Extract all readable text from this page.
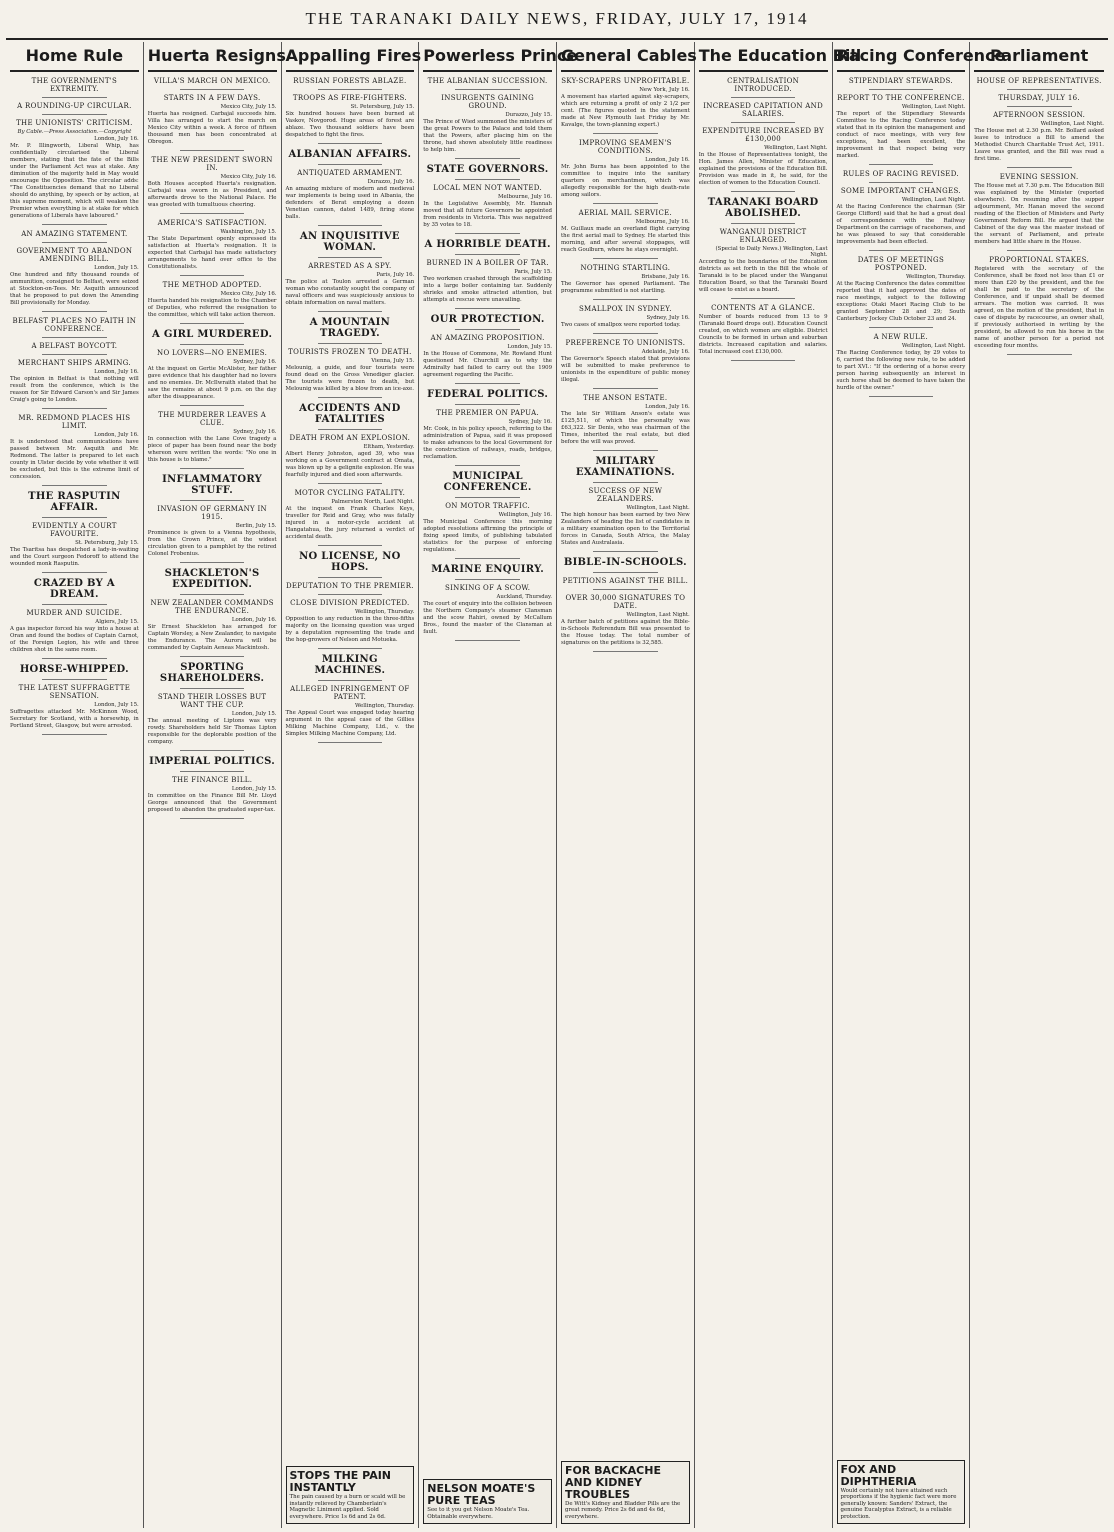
THE TARANAKI DAILY NEWS, FRIDAY, JULY 17, 1914
Home Rule
THE GOVERNMENT'S EXTREMITY.
A ROUNDING-UP CIRCULAR.
THE UNIONISTS' CRITICISM.
By Cable.—Press Association.—Copyright
London, July 16.
Mr. P. Illingworth, Liberal Whip, has confidentially circularised the Liberal members, stating that the fate of the Bills under the Parliament Act was at stake. Any diminution of the majority held in May would encourage the Opposition. The circular adds: "The Constituencies demand that no Liberal should do anything, by speech or by action, at this supreme moment, which will weaken the Premier when everything is at stake for which generations of Liberals have laboured."
AN AMAZING STATEMENT.
GOVERNMENT TO ABANDON AMENDING BILL.
London, July 15.
One hundred and fifty thousand rounds of ammunition, consigned to Belfast, were seized at Stockton-on-Tees. Mr. Asquith announced that he proposed to put down the Amending Bill provisionally for Monday.
BELFAST PLACES NO FAITH IN CONFERENCE.
A BELFAST BOYCOTT.
MERCHANT SHIPS ARMING.
London, July 16.
The opinion in Belfast is that nothing will result from the conference, which is the reason for Sir Edward Carson's and Sir James Craig's going to London.
MR. REDMOND PLACES HIS LIMIT.
London, July 16.
It is understood that communications have passed between Mr. Asquith and Mr. Redmond. The latter is prepared to let each county in Ulster decide by vote whether it will be excluded, but this is the extreme limit of concession.
THE RASPUTIN AFFAIR.
EVIDENTLY A COURT FAVOURITE.
St. Petersburg, July 15.
The Tsaritsa has despatched a lady-in-waiting and the Court surgeon Fedoroff to attend the wounded monk Rasputin.
CRAZED BY A DREAM.
MURDER AND SUICIDE.
Algiers, July 15.
A gas inspector forced his way into a house at Oran and found the bodies of Captain Carnot, of the Foreign Legion, his wife and three children shot in the same room.
HORSE-WHIPPED.
THE LATEST SUFFRAGETTE SENSATION.
London, July 15.
Suffragettes attacked Mr. McKinnon Wood, Secretary for Scotland, with a horsewhip, in Portland Street, Glasgow, but were arrested.
Huerta Resigns
VILLA'S MARCH ON MEXICO.
STARTS IN A FEW DAYS.
Mexico City, July 15.
Huerta has resigned. Carbajal succeeds him. Villa has arranged to start the march on Mexico City within a week. A force of fifteen thousand men has been concentrated at Obregon.
THE NEW PRESIDENT SWORN IN.
Mexico City, July 16.
Both Houses accepted Huerta's resignation. Carbajal was sworn in as President, and afterwards drove to the National Palace. He was greeted with tumultuous cheering.
AMERICA'S SATISFACTION.
Washington, July 15.
The State Department openly expressed its satisfaction at Huerta's resignation. It is expected that Carbajal has made satisfactory arrangements to hand over office to the Constitutionalists.
THE METHOD ADOPTED.
Mexico City, July 16.
Huerta handed his resignation to the Chamber of Deputies, who referred the resignation to the committee, which will take action thereon.
A GIRL MURDERED.
NO LOVERS—NO ENEMIES.
Sydney, July 16.
At the inquest on Gertie McAlister, her father gave evidence that his daughter had no lovers and no enemies. Dr. McIlwraith stated that he saw the remains at about 9 p.m. on the day after the disappearance.
THE MURDERER LEAVES A CLUE.
Sydney, July 16.
In connection with the Lane Cove tragedy a piece of paper has been found near the body whereon were written the words: "No one in this house is to blame."
INFLAMMATORY STUFF.
INVASION OF GERMANY IN 1915.
Berlin, July 15.
Prominence is given to a Vienna hypothesis, from the Crown Prince, at the widest circulation given to a pamphlet by the retired Colonel Frobenius.
SHACKLETON'S EXPEDITION.
NEW ZEALANDER COMMANDS THE ENDURANCE.
London, July 16.
Sir Ernest Shackleton has arranged for Captain Worsley, a New Zealander, to navigate the Endurance. The Aurora will be commanded by Captain Aeneas Mackintosh.
SPORTING SHAREHOLDERS.
STAND THEIR LOSSES BUT WANT THE CUP.
London, July 15.
The annual meeting of Liptons was very rowdy. Shareholders held Sir Thomas Lipton responsible for the deplorable position of the company.
IMPERIAL POLITICS.
THE FINANCE BILL.
London, July 15.
In committee on the Finance Bill Mr. Lloyd George announced that the Government proposed to abandon the graduated super-tax.
Appalling Fires
RUSSIAN FORESTS ABLAZE.
TROOPS AS FIRE-FIGHTERS.
St. Petersburg, July 15.
Six hundred houses have been burned at Vaskov, Novgorod. Huge areas of forest are ablaze. Two thousand soldiers have been despatched to fight the fires.
ALBANIAN AFFAIRS.
ANTIQUATED ARMAMENT.
Durazzo, July 16.
An amazing mixture of modern and medieval war implements is being used in Albania, the defenders of Berat employing a dozen Venetian cannon, dated 1489, firing stone balls.
AN INQUISITIVE WOMAN.
ARRESTED AS A SPY.
Paris, July 16.
The police at Toulon arrested a German woman who constantly sought the company of naval officers and was suspiciously anxious to obtain information on naval matters.
A MOUNTAIN TRAGEDY.
TOURISTS FROZEN TO DEATH.
Vienna, July 15.
Melounig, a guide, and four tourists were found dead on the Gross Venediger glacier. The tourists were frozen to death, but Melounig was killed by a blow from an ice-axe.
ACCIDENTS AND FATALITIES
DEATH FROM AN EXPLOSION.
Eltham, Yesterday.
Albert Henry Johnston, aged 39, who was working on a Government contract at Omata, was blown up by a gelignite explosion. He was fearfully injured and died soon afterwards.
MOTOR CYCLING FATALITY.
Palmerston North, Last Night.
At the inquest on Frank Charles Keys, traveller for Reid and Gray, who was fatally injured in a motor-cycle accident at Hangatahua, the jury returned a verdict of accidental death.
NO LICENSE, NO HOPS.
DEPUTATION TO THE PREMIER.
CLOSE DIVISION PREDICTED.
Wellington, Thursday.
Opposition to any reduction in the three-fifths majority on the licensing question was urged by a deputation representing the trade and the hop-growers of Nelson and Motueka.
MILKING MACHINES.
ALLEGED INFRINGEMENT OF PATENT.
Wellington, Thursday.
The Appeal Court was engaged today hearing argument in the appeal case of the Gillies Milking Machine Company, Ltd., v. the Simplex Milking Machine Company, Ltd.
STOPS THE PAIN INSTANTLY
The pain caused by a burn or scald will be instantly relieved by Chamberlain's Magnetic Liniment applied. Sold everywhere. Price 1s 6d and 2s 6d.
Powerless Prince
THE ALBANIAN SUCCESSION.
INSURGENTS GAINING GROUND.
Durazzo, July 15.
The Prince of Wied summoned the ministers of the great Powers to the Palace and told them that the Powers, after placing him on the throne, had shown absolutely little readiness to help him.
STATE GOVERNORS.
LOCAL MEN NOT WANTED.
Melbourne, July 16.
In the Legislative Assembly, Mr. Hannah moved that all future Governors be appointed from residents in Victoria. This was negatived by 35 votes to 18.
A HORRIBLE DEATH.
BURNED IN A BOILER OF TAR.
Paris, July 15.
Two workmen crashed through the scaffolding into a large boiler containing tar. Suddenly shrieks and smoke attracted attention, but attempts at rescue were unavailing.
OUR PROTECTION.
AN AMAZING PROPOSITION.
London, July 15.
In the House of Commons, Mr. Rowland Hunt questioned Mr. Churchill as to why the Admiralty had failed to carry out the 1909 agreement regarding the Pacific.
FEDERAL POLITICS.
THE PREMIER ON PAPUA.
Sydney, July 16.
Mr. Cook, in his policy speech, referring to the administration of Papua, said it was proposed to make advances to the local Government for the construction of railways, roads, bridges, reclamation.
MUNICIPAL CONFERENCE.
ON MOTOR TRAFFIC.
Wellington, July 16.
The Municipal Conference this morning adopted resolutions affirming the principle of fixing speed limits, of publishing tabulated statistics for the purpose of enforcing regulations.
MARINE ENQUIRY.
SINKING OF A SCOW.
Auckland, Thursday.
The court of enquiry into the collision between the Northern Company's steamer Clansman and the scow Rahiri, owned by McCallum Bros., found the master of the Clansman at fault.
NELSON MOATE'S PURE TEAS
See to it you get Nelson Moate's Tea. Obtainable everywhere.
General Cables
SKY-SCRAPERS UNPROFITABLE.
New York, July 16.
A movement has started against sky-scrapers, which are returning a profit of only 2 1/2 per cent. (The figures quoted in the statement made at New Plymouth last Friday by Mr. Kavalge, the town-planning expert.)
IMPROVING SEAMEN'S CONDITIONS.
London, July 16.
Mr. John Burns has been appointed to the committee to inquire into the sanitary quarters on merchantmen, which was allegedly responsible for the high death-rate among sailors.
AERIAL MAIL SERVICE.
Melbourne, July 16.
M. Guillaux made an overland flight carrying the first aerial mail to Sydney. He started this morning, and after several stoppages, will reach Goulburn, where he stays overnight.
NOTHING STARTLING.
Brisbane, July 16.
The Governor has opened Parliament. The programme submitted is not startling.
SMALLPOX IN SYDNEY.
Sydney, July 16.
Two cases of smallpox were reported today.
PREFERENCE TO UNIONISTS.
Adelaide, July 16.
The Governor's Speech stated that provisions will be submitted to make preference to unionists in the expenditure of public money illegal.
THE ANSON ESTATE.
London, July 16.
The late Sir William Anson's estate was £125,511, of which the personalty was £63,322. Sir Denis, who was chairman of the Times, inherited the real estate, but died before the will was proved.
MILITARY EXAMINATIONS.
SUCCESS OF NEW ZEALANDERS.
Wellington, Last Night.
The high honour has been earned by two New Zealanders of heading the list of candidates in a military examination open to the Territorial forces in Canada, South Africa, the Malay States and Australasia.
BIBLE-IN-SCHOOLS.
PETITIONS AGAINST THE BILL.
OVER 30,000 SIGNATURES TO DATE.
Wellington, Last Night.
A further batch of petitions against the Bible-in-Schools Referendum Bill was presented to the House today. The total number of signatures on the petitions is 32,585.
FOR BACKACHE AND KIDNEY TROUBLES
De Witt's Kidney and Bladder Pills are the great remedy. Price 2s 6d and 4s 6d, everywhere.
The Education Bill
CENTRALISATION INTRODUCED.
INCREASED CAPITATION AND SALARIES.
EXPENDITURE INCREASED BY £130,000
Wellington, Last Night.
In the House of Representatives tonight, the Hon. James Allen, Minister of Education, explained the provisions of the Education Bill. Provision was made in it, he said, for the election of women to the Education Council.
TARANAKI BOARD ABOLISHED.
WANGANUI DISTRICT ENLARGED.
(Special to Daily News.) Wellington, Last Night.
According to the boundaries of the Education districts as set forth in the Bill the whole of Taranaki is to be placed under the Wanganui Education Board, so that the Taranaki Board will cease to exist as a board.
CONTENTS AT A GLANCE.
Number of boards reduced from 13 to 9 (Taranaki Board drops out). Education Council created, on which women are eligible. District Councils to be formed in urban and suburban districts. Increased capitation and salaries. Total increased cost £130,000.
Racing Conference
STIPENDIARY STEWARDS.
REPORT TO THE CONFERENCE.
Wellington, Last Night.
The report of the Stipendiary Stewards Committee to the Racing Conference today stated that in its opinion the management and conduct of race meetings, with very few exceptions, had been excellent, the improvement in that respect being very marked.
RULES OF RACING REVISED.
SOME IMPORTANT CHANGES.
Wellington, Last Night.
At the Racing Conference the chairman (Sir George Clifford) said that he had a great deal of correspondence with the Railway Department on the carriage of racehorses, and he was pleased to say that considerable improvements had been effected.
DATES OF MEETINGS POSTPONED.
Wellington, Thursday.
At the Racing Conference the dates committee reported that it had approved the dates of race meetings, subject to the following exceptions: Otaki Maori Racing Club to be granted September 28 and 29; South Canterbury Jockey Club October 23 and 24.
A NEW RULE.
Wellington, Last Night.
The Racing Conference today, by 29 votes to 6, carried the following new rule, to be added to part XVI.: "If the ordering of a horse every person having subsequently an interest in such horse shall be deemed to have taken the hurdle of the owner."
FOX AND DIPHTHERIA
Would certainly not have attained such proportions if the hygienic fact were more generally known: Sanders' Extract, the genuine Eucalyptus Extract, is a reliable protection.
Parliament
HOUSE OF REPRESENTATIVES.
THURSDAY, JULY 16.
AFTERNOON SESSION.
Wellington, Last Night.
The House met at 2.30 p.m. Mr. Bollard asked leave to introduce a Bill to amend the Methodist Church Charitable Trust Act, 1911. Leave was granted, and the Bill was read a first time.
EVENING SESSION.
The House met at 7.30 p.m. The Education Bill was explained by the Minister (reported elsewhere). On resuming after the supper adjournment, Mr. Hanan moved the second reading of the Election of Ministers and Party Government Reform Bill. He argued that the Cabinet of the day was the master instead of the servant of Parliament, and private members had little share in the House.
PROPORTIONAL STAKES.
Registered with the secretary of the Conference, shall be fixed not less than £1 or more than £20 by the president, and the fee shall be paid to the secretary of the Conference, and if unpaid shall be deemed arrears. The motion was carried. It was agreed, on the motion of the president, that in case of dispute by racecourse, an owner shall, if previously authorised in writing by the president, be allowed to run his horse in the name of another person for a period not exceeding four months.
